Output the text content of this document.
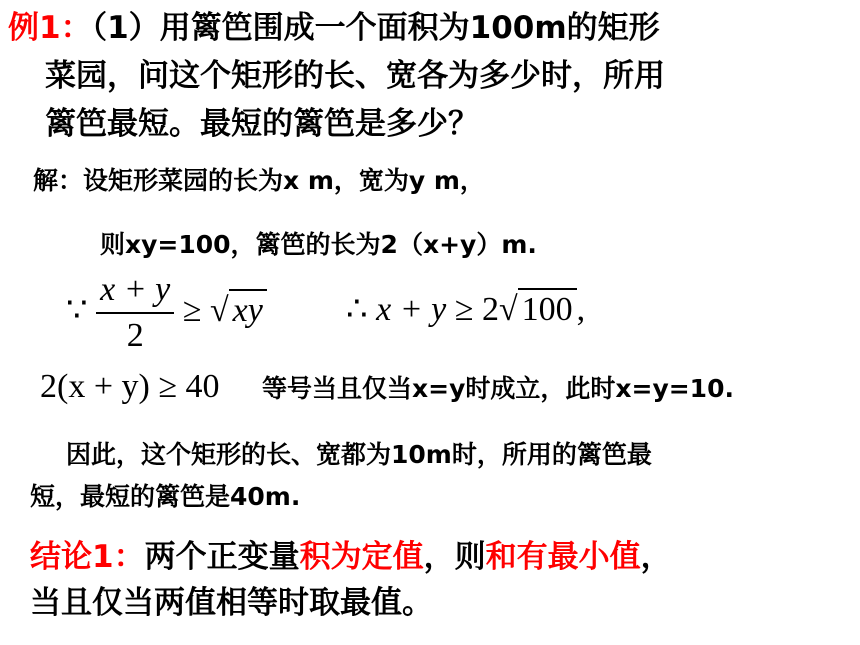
例1：（1）用篱笆围成一个面积为100m的矩形
菜园，问这个矩形的长、宽各为多少时，所用
篱笆最短。最短的篱笆是多少？
解：设矩形菜园的长为x m，宽为y m，
则xy=100，篱笆的长为2（x+y）m.
∵ $\frac{x + y}{2}$ ≥ √ xy ∴ x + y ≥ 2√ 100 ,
2(x + y) ≥ 40 等号当且仅当x=y时成立，此时x=y=10.
因此，这个矩形的长、宽都为10m时，所用的篱笆最
短，最短的篱笆是40m.
结论1：两个正变量积为定值，则和有最小值，
当且仅当两值相等时取最值。
